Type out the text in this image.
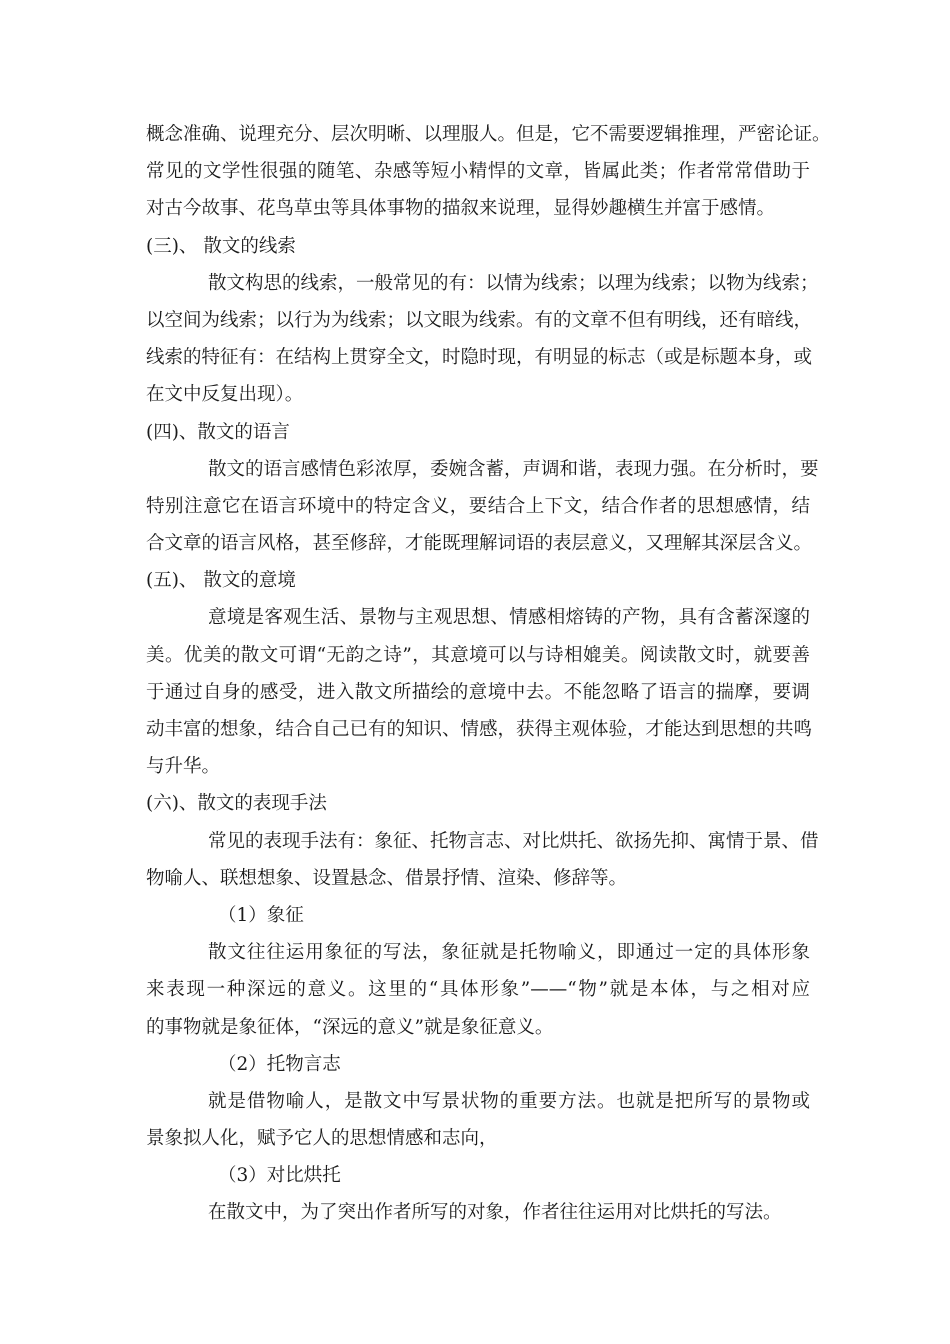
概念准确、说理充分、层次明晰、以理服人。但是，它不需要逻辑推理，严密论证。
常见的文学性很强的随笔、杂感等短小精悍的文章，皆属此类；作者常常借助于
对古今故事、花鸟草虫等具体事物的描叙来说理，显得妙趣横生并富于感情。
(三)、 散文的线索
散文构思的线索，一般常见的有：以情为线索；以理为线索；以物为线索；
以空间为线索；以行为为线索；以文眼为线索。有的文章不但有明线，还有暗线，
线索的特征有：在结构上贯穿全文，时隐时现，有明显的标志（或是标题本身，或
在文中反复出现）。
(四)、散文的语言
散文的语言感情色彩浓厚，委婉含蓄，声调和谐，表现力强。在分析时，要
特别注意它在语言环境中的特定含义，要结合上下文，结合作者的思想感情，结
合文章的语言风格，甚至修辞，才能既理解词语的表层意义，又理解其深层含义。
(五)、 散文的意境
意境是客观生活、景物与主观思想、情感相熔铸的产物，具有含蓄深邃的
美。优美的散文可谓“无韵之诗”，其意境可以与诗相媲美。阅读散文时，就要善
于通过自身的感受，进入散文所描绘的意境中去。不能忽略了语言的揣摩，要调
动丰富的想象，结合自己已有的知识、情感，获得主观体验，才能达到思想的共鸣
与升华。
(六)、散文的表现手法
常见的表现手法有：象征、托物言志、对比烘托、欲扬先抑、寓情于景、借
物喻人、联想想象、设置悬念、借景抒情、渲染、修辞等。
（1）象征
散文往往运用象征的写法，象征就是托物喻义，即通过一定的具体形象
来表现一种深远的意义。这里的“具体形象”——“物”就是本体，与之相对应
的事物就是象征体，“深远的意义”就是象征意义。
（2）托物言志
就是借物喻人，是散文中写景状物的重要方法。也就是把所写的景物或
景象拟人化，赋予它人的思想情感和志向，
（3）对比烘托
在散文中，为了突出作者所写的对象，作者往往运用对比烘托的写法。
